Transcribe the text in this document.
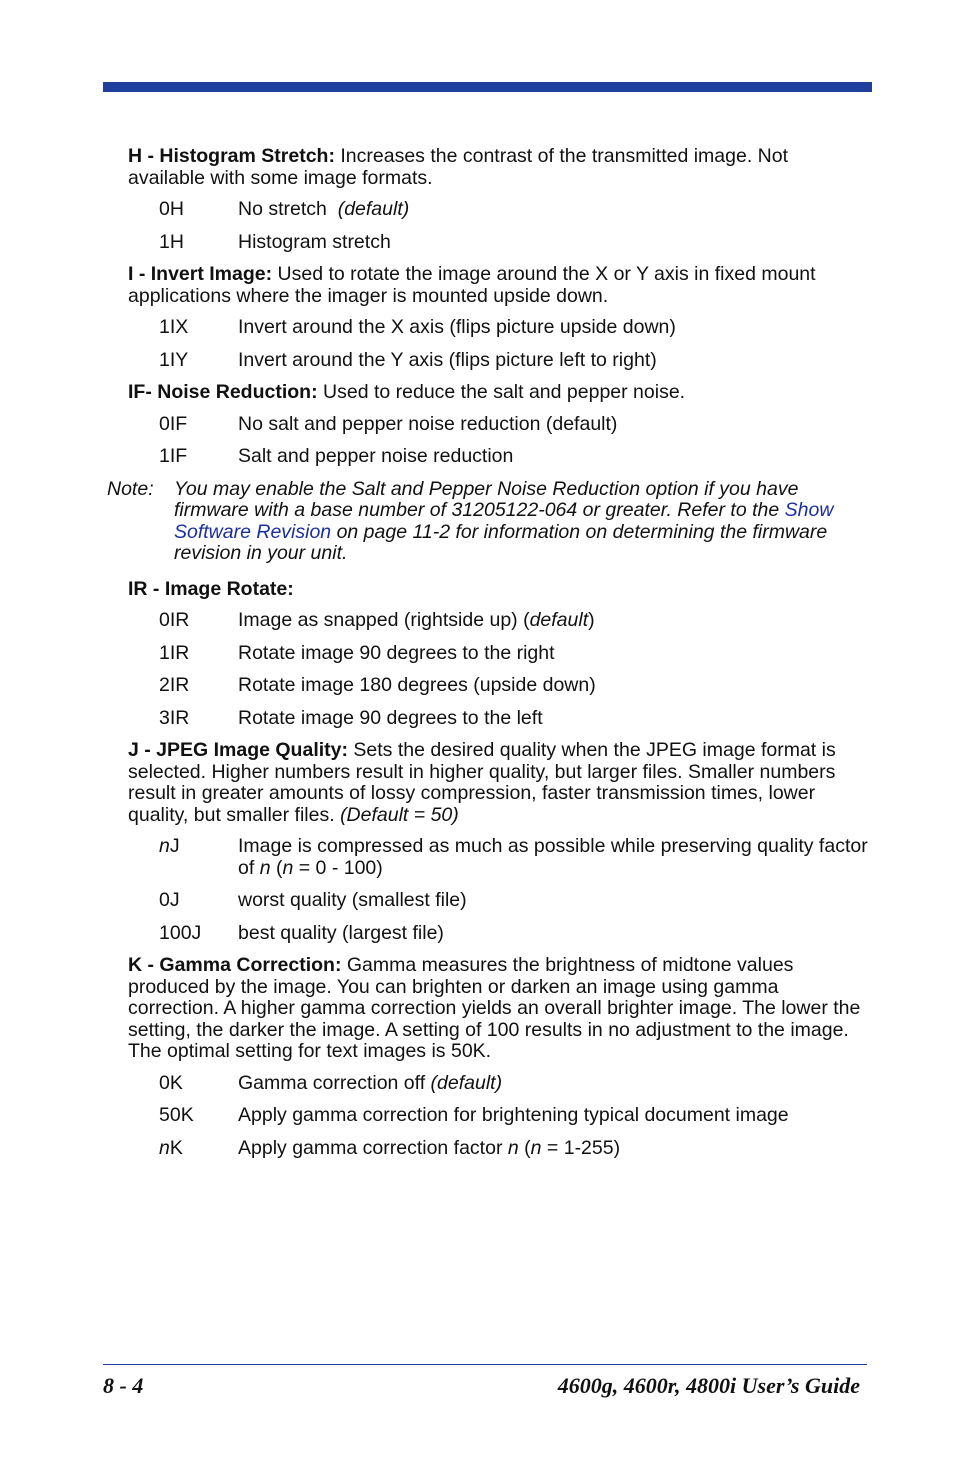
H - Histogram Stretch: Increases the contrast of the transmitted image. Not available with some image formats.

0H	No stretch  (default)
1H	Histogram stretch

I - Invert Image: Used to rotate the image around the X or Y axis in fixed mount applications where the imager is mounted upside down.

1IX	Invert around the X axis (flips picture upside down)
1IY	Invert around the Y axis (flips picture left to right)

IF- Noise Reduction: Used to reduce the salt and pepper noise.

0IF	No salt and pepper noise reduction (default)
1IF	Salt and pepper noise reduction
Note: You may enable the Salt and Pepper Noise Reduction option if you have firmware with a base number of 31205122-064 or greater. Refer to the Show Software Revision on page 11-2 for information on determining the firmware revision in your unit.

IR - Image Rotate:

0IR	Image as snapped (rightside up) (default)
1IR	Rotate image 90 degrees to the right
2IR	Rotate image 180 degrees (upside down)
3IR	Rotate image 90 degrees to the left

J - JPEG Image Quality: Sets the desired quality when the JPEG image format is selected. Higher numbers result in higher quality, but larger files. Smaller numbers result in greater amounts of lossy compression, faster transmission times, lower quality, but smaller files. (Default = 50)

nJ	Image is compressed as much as possible while preserving quality factor of n (n = 0 - 100)
0J	worst quality (smallest file)
100J	best quality (largest file)

K - Gamma Correction: Gamma measures the brightness of midtone values produced by the image. You can brighten or darken an image using gamma correction. A higher gamma correction yields an overall brighter image. The lower the setting, the darker the image. A setting of 100 results in no adjustment to the image. The optimal setting for text images is 50K.

0K	Gamma correction off (default)
50K	Apply gamma correction for brightening typical document image
nK	Apply gamma correction factor n (n = 1-255)
8 - 4	4600g, 4600r, 4800i User’s Guide
